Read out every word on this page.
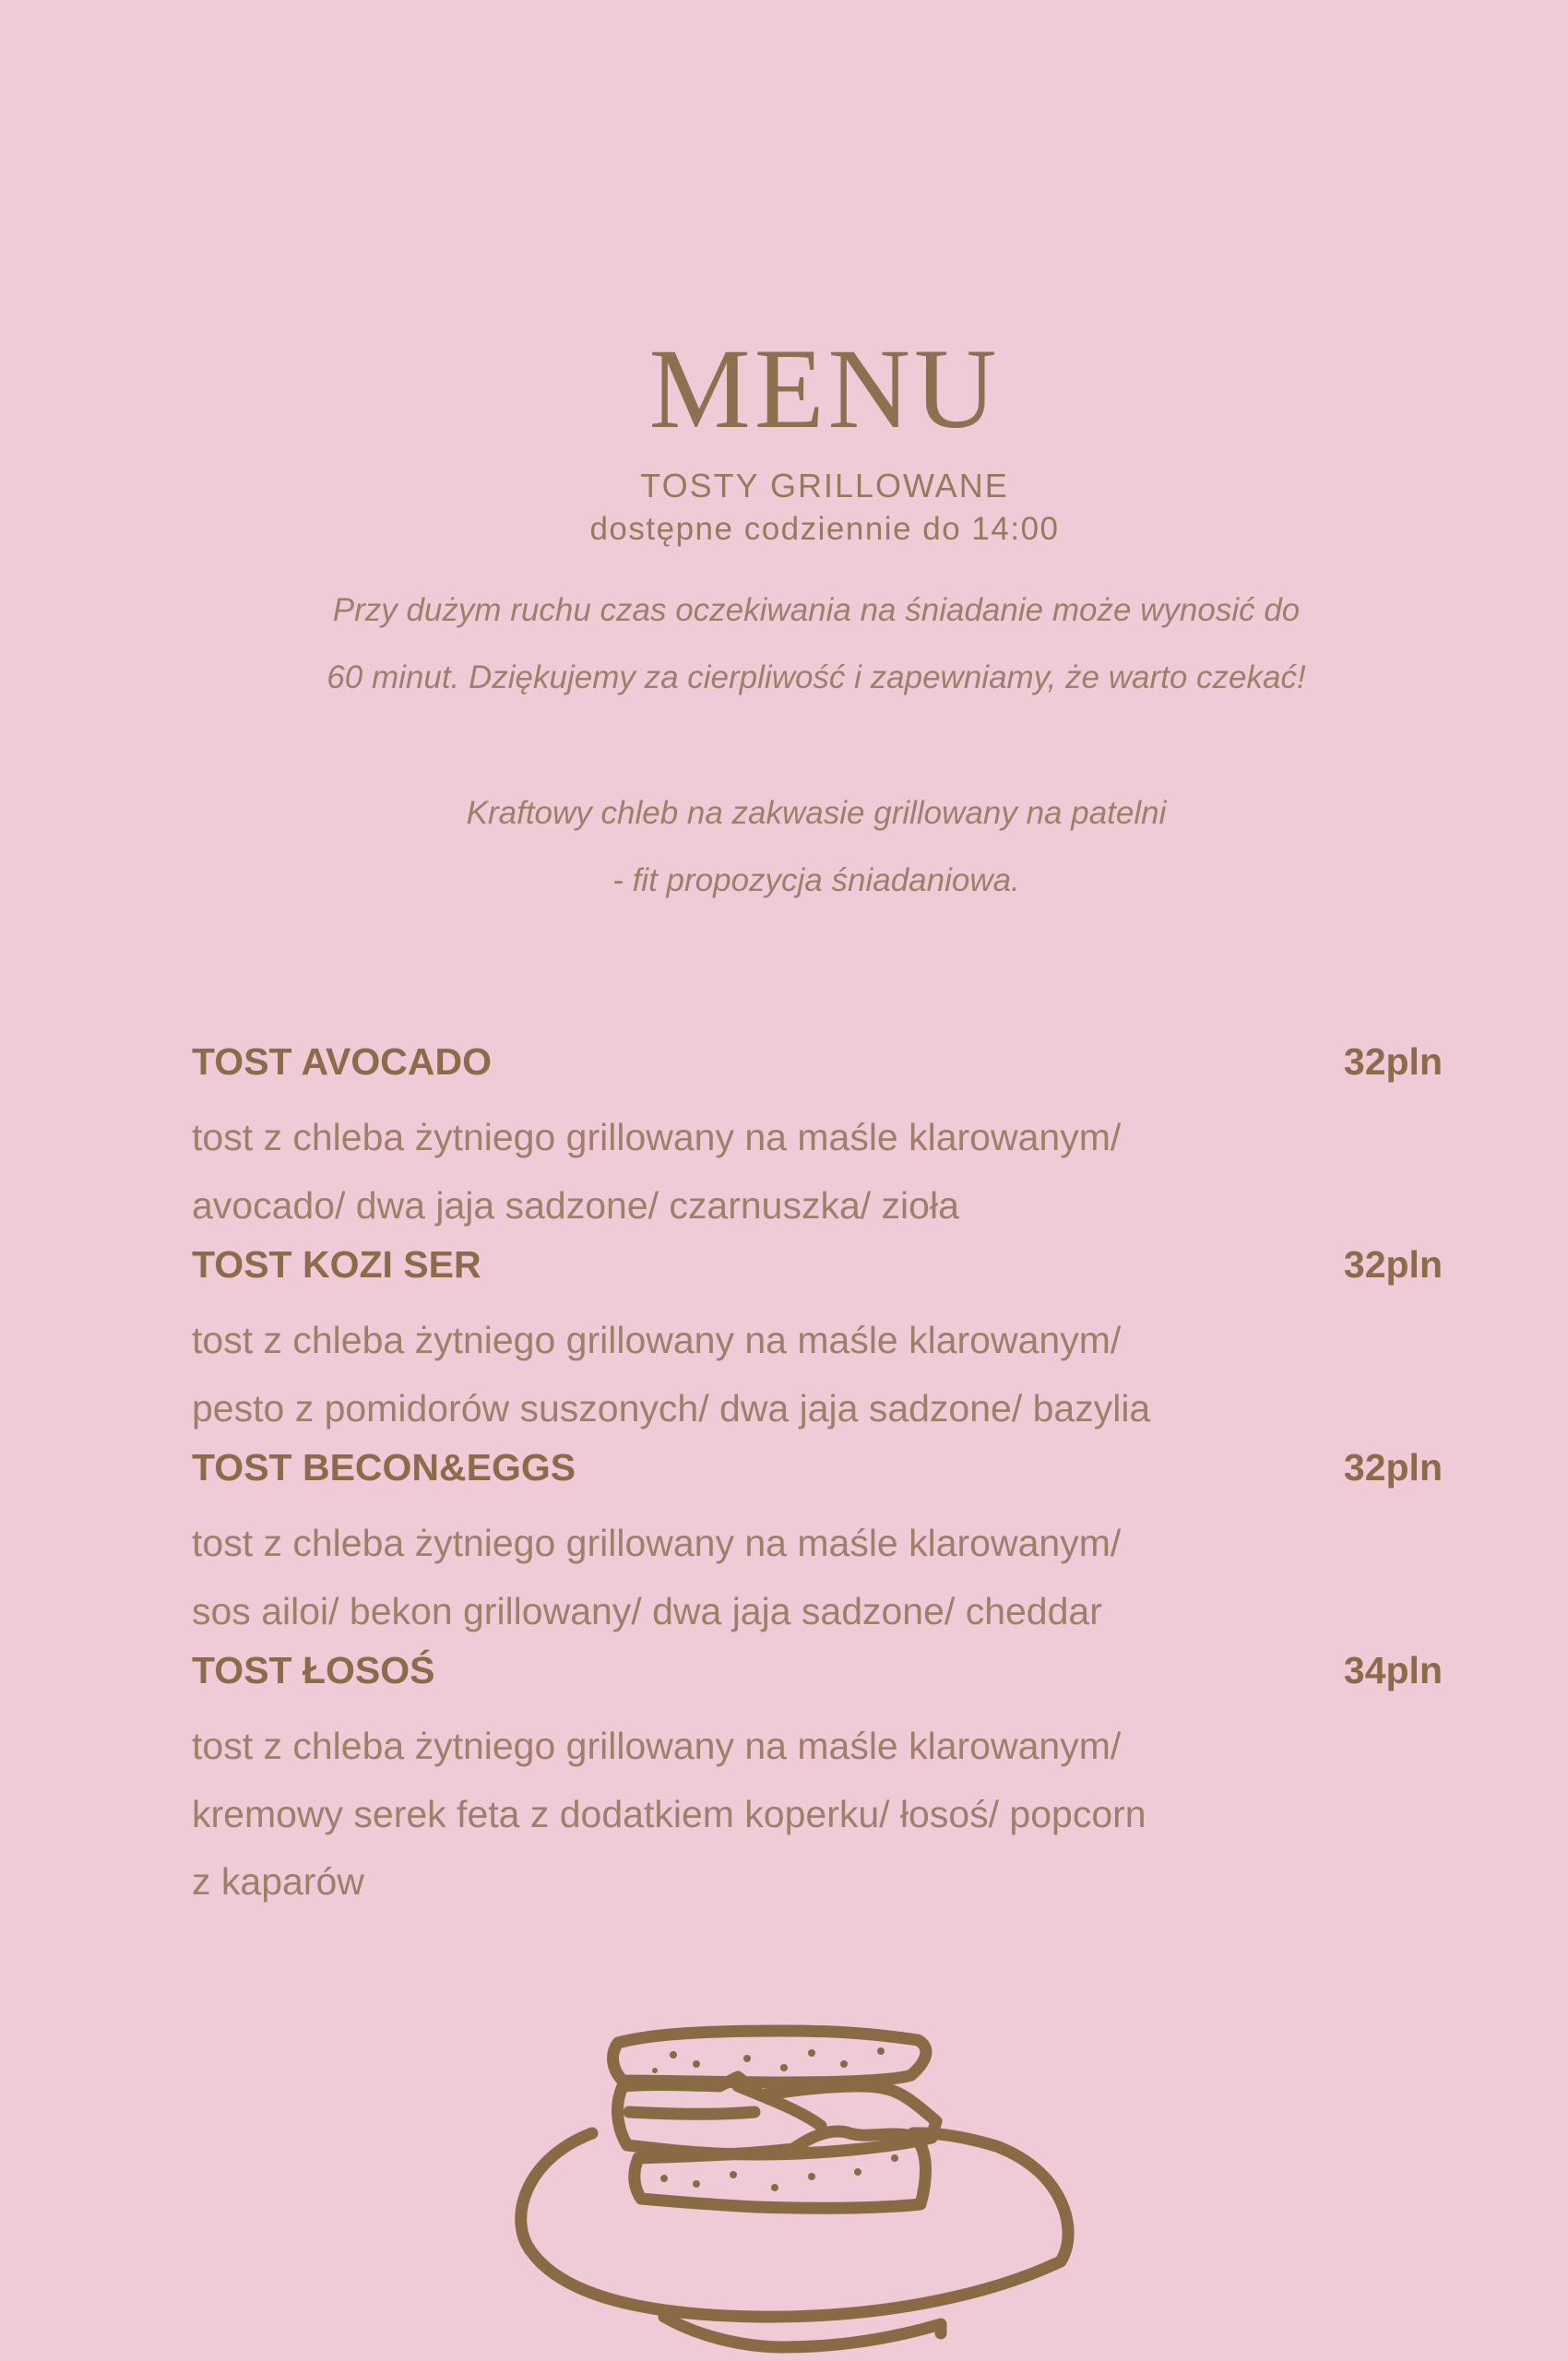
MENU
TOSTY GRILLOWANE
dostępne codziennie do 14:00
Przy dużym ruchu czas oczekiwania na śniadanie może wynosić do
60 minut. Dziękujemy za cierpliwość i zapewniamy, że warto czekać!
Kraftowy chleb na zakwasie grillowany na patelni
- fit propozycja śniadaniowa.
TOST AVOCADO	32pln
tost z chleba żytniego grillowany na maśle klarowanym/
avocado/ dwa jaja sadzone/ czarnuszka/ zioła
TOST KOZI SER	32pln
tost z chleba żytniego grillowany na maśle klarowanym/
pesto z pomidorów suszonych/ dwa jaja sadzone/ bazylia
TOST BECON&EGGS	32pln
tost z chleba żytniego grillowany na maśle klarowanym/
sos ailoi/ bekon grillowany/ dwa jaja sadzone/ cheddar
TOST ŁOSOŚ	34pln
tost z chleba żytniego grillowany na maśle klarowanym/
kremowy serek feta z dodatkiem koperku/ łosoś/ popcorn
z kaparów
